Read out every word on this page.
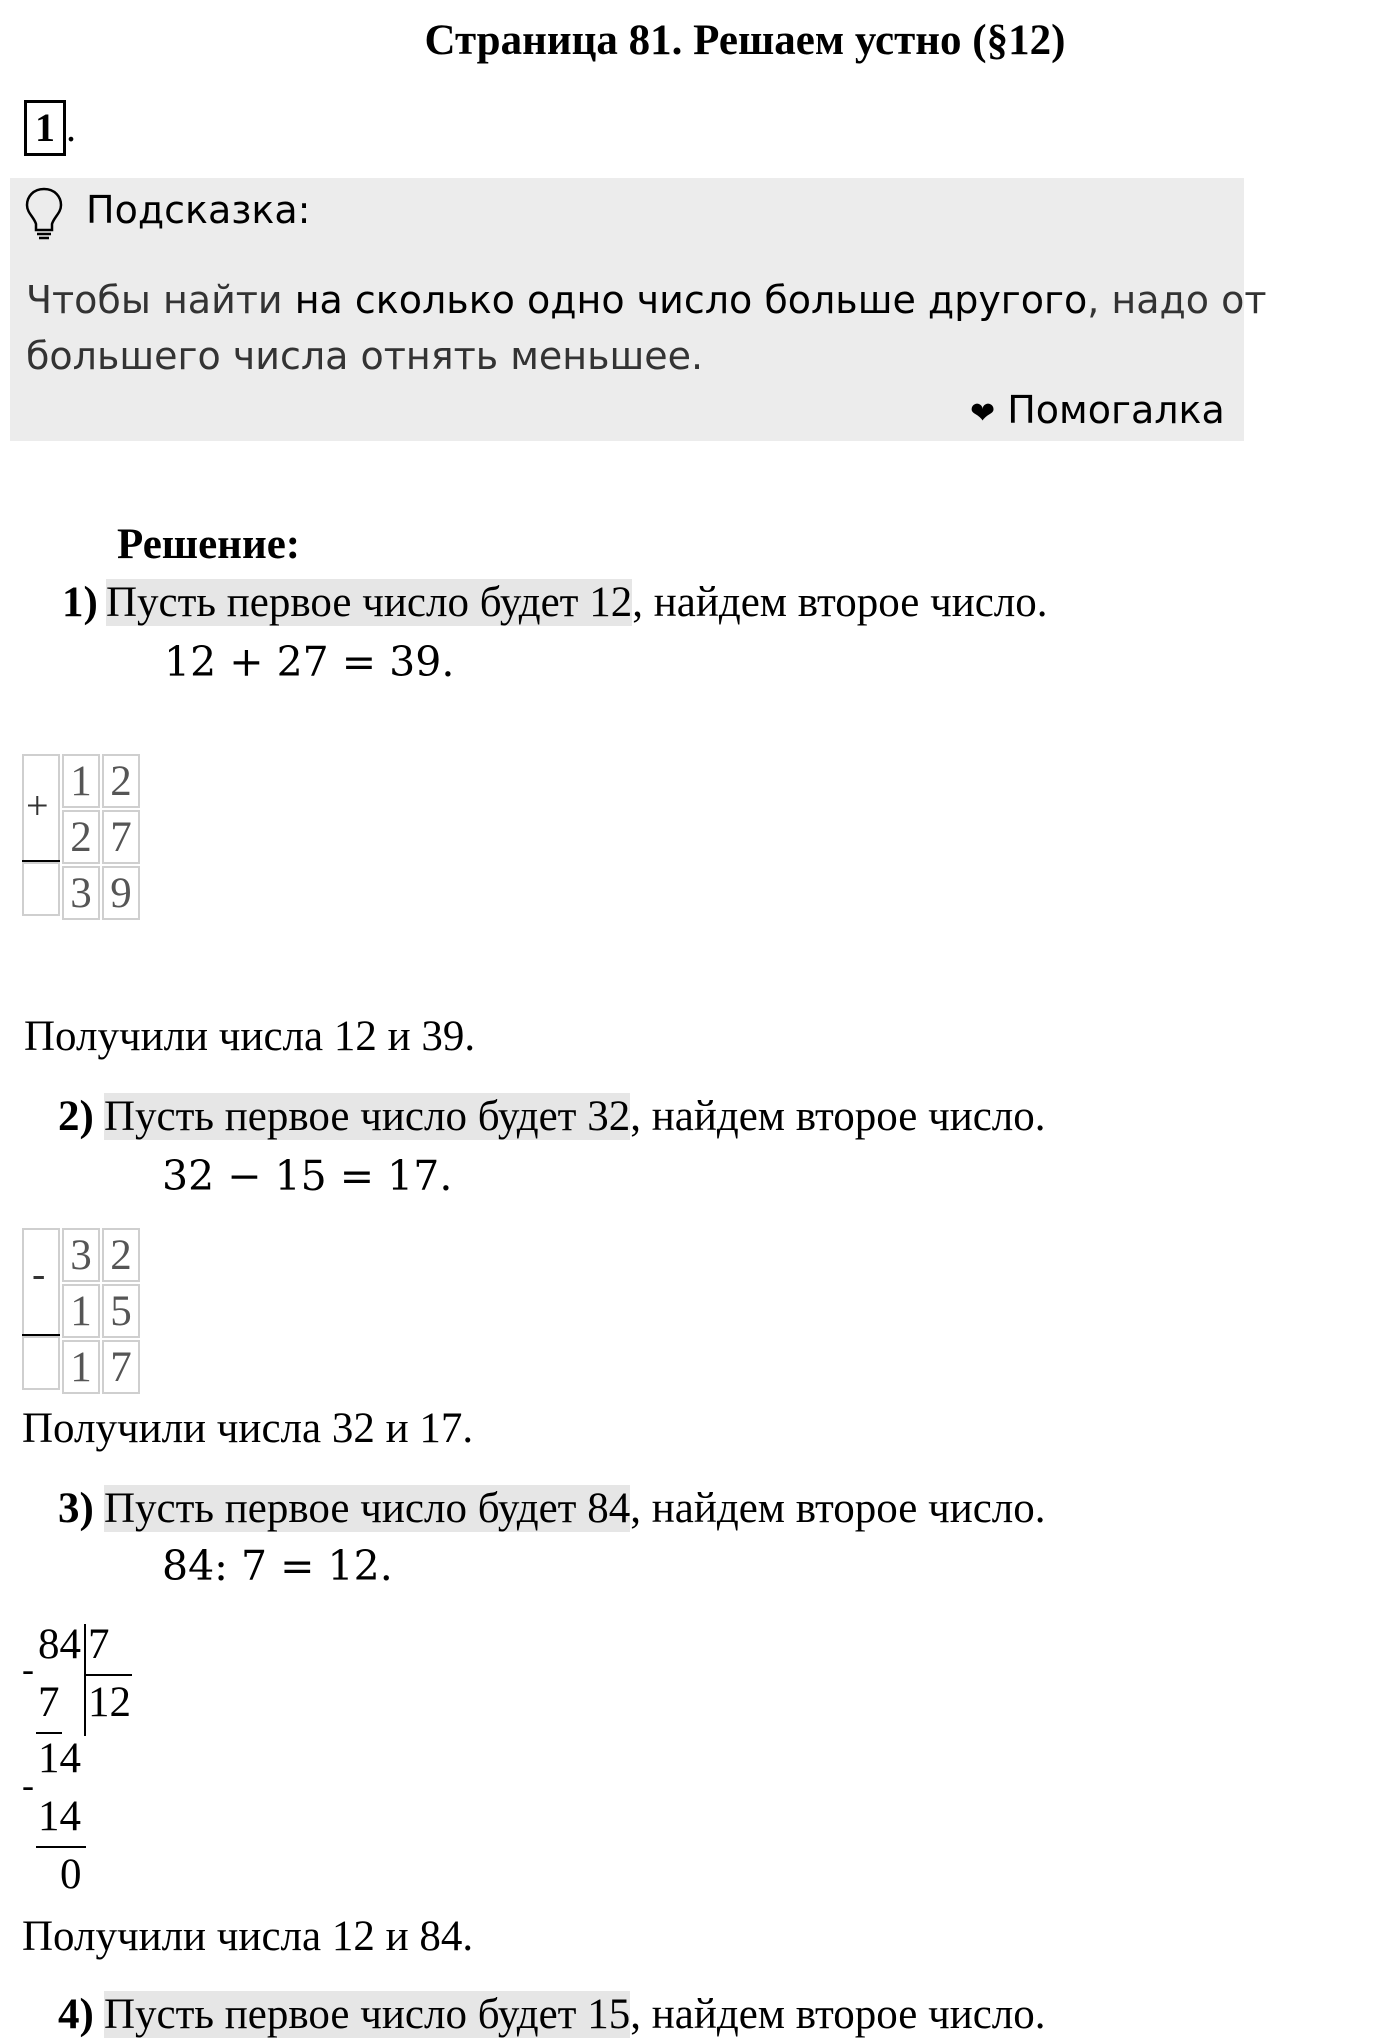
Страница 81. Решаем устно (§12)
1 .
Подсказка:
Чтобы найти на сколько одно число больше другого, надо от
большего числа отнять меньшее.
❤ Помогалка
Решение:
1) Пусть первое число будет 12, найдем второе число.
12 + 27 = 39.
+
1 2
2 7
3 9
Получили числа 12 и 39.
2) Пусть первое число будет 32, найдем второе число.
32 − 15 = 17.
- 3 2
1 5
1 7
Получили числа 32 и 17.
3) Пусть первое число будет 84, найдем второе число.
84: 7 = 12.
84 7
-
7 12
14
-
14
0
Получили числа 12 и 84.
4) Пусть первое число будет 15, найдем второе число.
